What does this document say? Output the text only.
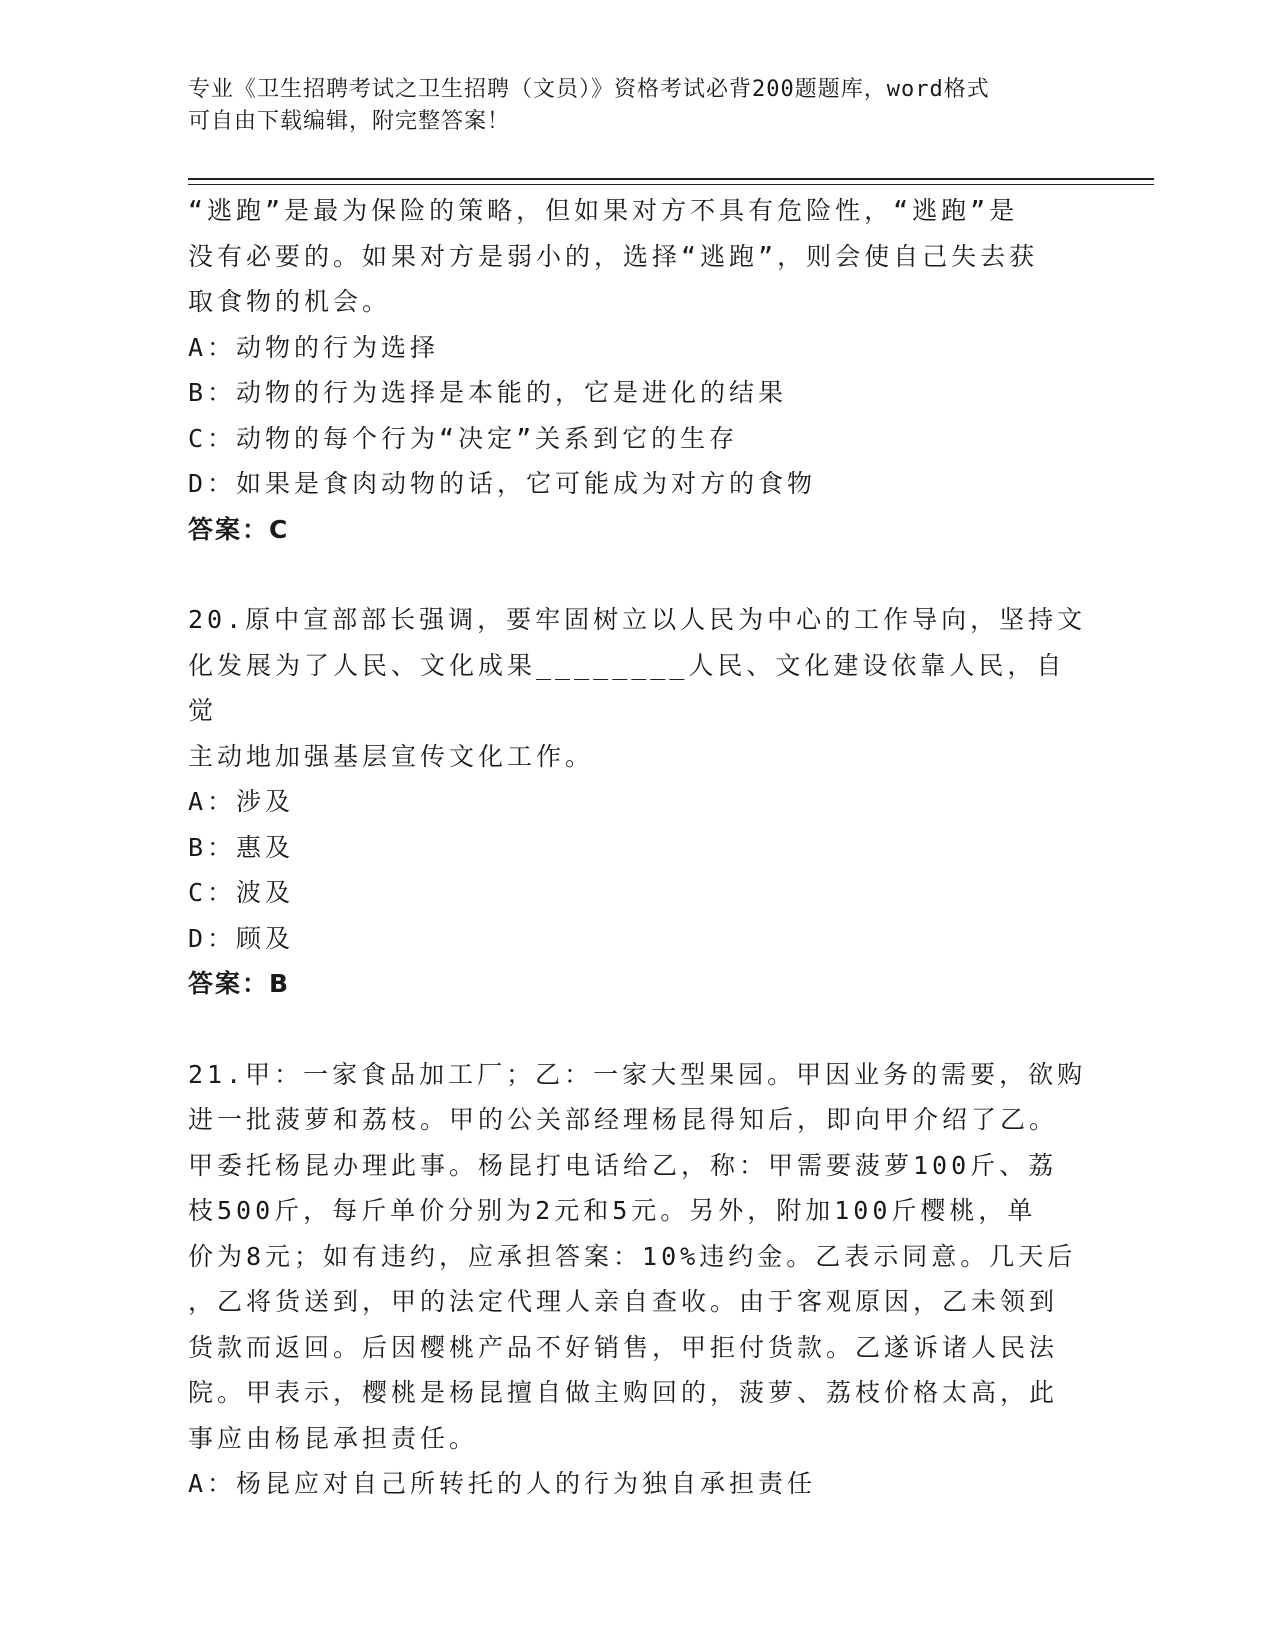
专业《卫生招聘考试之卫生招聘（文员）》资格考试必背200题题库，word格式
可自由下载编辑，附完整答案！

“逃跑”是最为保险的策略，但如果对方不具有危险性，“逃跑”是

没有必要的。如果对方是弱小的，选择“逃跑”，则会使自己失去获

取食物的机会。

A：动物的行为选择

B：动物的行为选择是本能的，它是进化的结果

C：动物的每个行为“决定”关系到它的生存

D：如果是食肉动物的话，它可能成为对方的食物

答案：C

20.原中宣部部长强调，要牢固树立以人民为中心的工作导向，坚持文

化发展为了人民、文化成果________人民、文化建设依靠人民，自觉

主动地加强基层宣传文化工作。

A：涉及

B：惠及

C：波及

D：顾及

答案：B

21.甲：一家食品加工厂；乙：一家大型果园。甲因业务的需要，欲购

进一批菠萝和荔枝。甲的公关部经理杨昆得知后，即向甲介绍了乙。

甲委托杨昆办理此事。杨昆打电话给乙，称：甲需要菠萝100斤、荔

枝500斤，每斤单价分别为2元和5元。另外，附加100斤樱桃，单

价为8元；如有违约，应承担答案：10%违约金。乙表示同意。几天后

，乙将货送到，甲的法定代理人亲自查收。由于客观原因，乙未领到

货款而返回。后因樱桃产品不好销售，甲拒付货款。乙遂诉诸人民法

院。甲表示，樱桃是杨昆擅自做主购回的，菠萝、荔枝价格太高，此

事应由杨昆承担责任。

A：杨昆应对自己所转托的人的行为独自承担责任
